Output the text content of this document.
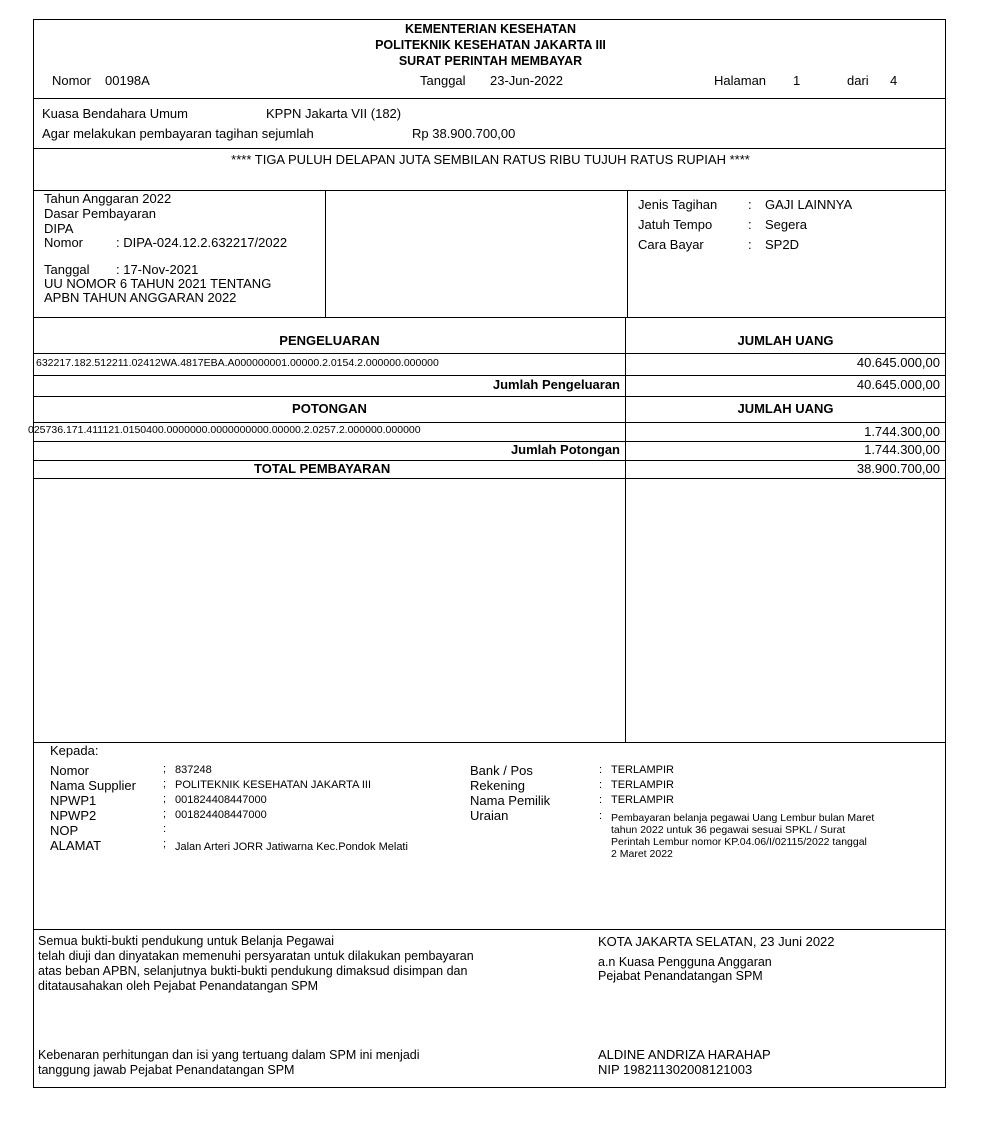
KEMENTERIAN KESEHATAN
POLITEKNIK KESEHATAN JAKARTA III
SURAT PERINTAH MEMBAYAR
Nomor 00198A	Tanggal 23-Jun-2022	Halaman 1	dari 4
Kuasa Bendahara Umum	KPPN Jakarta VII (182)
Agar melakukan pembayaran tagihan sejumlah	Rp 38.900.700,00
**** TIGA PULUH DELAPAN JUTA SEMBILAN RATUS RIBU TUJUH RATUS RUPIAH ****
Tahun Anggaran 2022
Dasar Pembayaran
DIPA
Nomor	: DIPA-024.12.2.632217/2022
Tanggal : 17-Nov-2021
UU NOMOR 6 TAHUN 2021 TENTANG
APBN TAHUN ANGGARAN 2022
Jenis Tagihan : GAJI LAINNYA
Jatuh Tempo	: Segera
Cara Bayar	: SP2D
PENGELUARAN	JUMLAH UANG
632217.182.512211.02412WA.4817EBA.A000000001.00000.2.0154.2.000000.000000	40.645.000,00
Jumlah Pengeluaran	40.645.000,00
POTONGAN	JUMLAH UANG
025736.171.411121.0150400.0000000.0000000000.00000.2.0257.2.000000.000000	1.744.300,00
Jumlah Potongan	1.744.300,00
TOTAL PEMBAYARAN	38.900.700,00
Kepada:
Nomor	; 837248
Nama Supplier ; POLITEKNIK KESEHATAN JAKARTA III
NPWP1	; 001824408447000
NPWP2	; 001824408447000
NOP	:
ALAMAT	; Jalan Arteri JORR Jatiwarna Kec.Pondok Melati
Bank / Pos	: TERLAMPIR
Rekening	: TERLAMPIR
Nama Pemilik	: TERLAMPIR
Uraian	: Pembayaran belanja pegawai Uang Lembur bulan Maret
tahun 2022 untuk 36 pegawai sesuai SPKL / Surat
Perintah Lembur nomor KP.04.06/I/02115/2022 tanggal
2 Maret 2022
Semua bukti-bukti pendukung untuk Belanja Pegawai
telah diuji dan dinyatakan memenuhi persyaratan untuk dilakukan pembayaran
atas beban APBN, selanjutnya bukti-bukti pendukung dimaksud disimpan dan
ditatausahakan oleh Pejabat Penandatangan SPM
KOTA JAKARTA SELATAN, 23 Juni 2022
a.n Kuasa Pengguna Anggaran
Pejabat Penandatangan SPM
Kebenaran perhitungan dan isi yang tertuang dalam SPM ini menjadi
tanggung jawab Pejabat Penandatangan SPM
ALDINE ANDRIZA HARAHAP
NIP 198211302008121003
